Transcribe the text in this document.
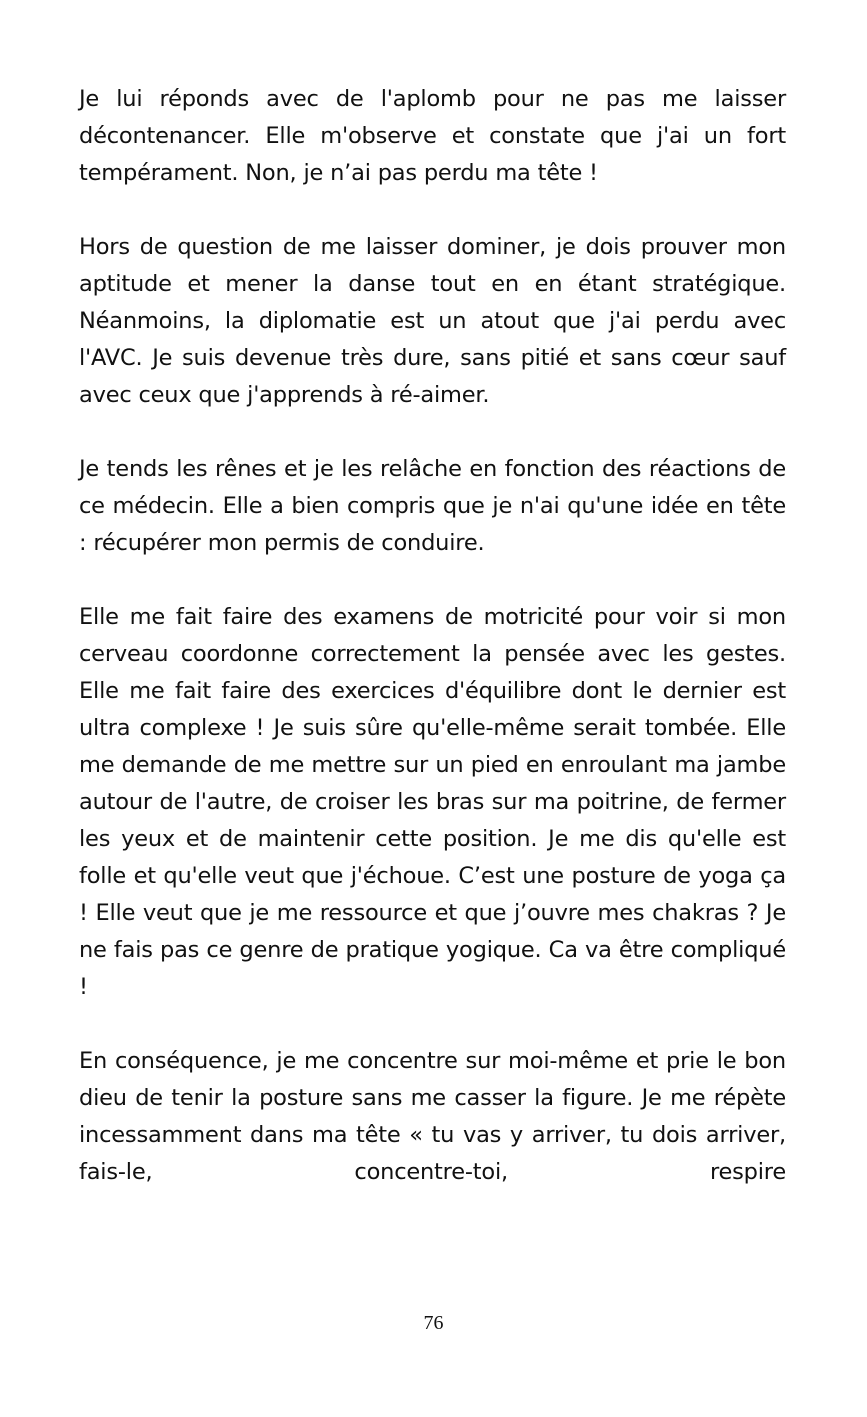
Je lui réponds avec de l'aplomb pour ne pas me laisser décontenancer. Elle m'observe et constate que j'ai un fort tempérament. Non, je n’ai pas perdu ma tête !

Hors de question de me laisser dominer, je dois prouver mon aptitude et mener la danse tout en en étant stratégique. Néanmoins, la diplomatie est un atout que j'ai perdu avec l'AVC. Je suis devenue très dure, sans pitié et sans cœur sauf avec ceux que j'apprends à ré-aimer.

Je tends les rênes et je les relâche en fonction des réactions de ce médecin. Elle a bien compris que je n'ai qu'une idée en tête : récupérer mon permis de conduire.

Elle me fait faire des examens de motricité pour voir si mon cerveau coordonne correctement la pensée avec les gestes. Elle me fait faire des exercices d'équilibre dont le dernier est ultra complexe ! Je suis sûre qu'elle-même serait tombée. Elle me demande de me mettre sur un pied en enroulant ma jambe autour de l'autre, de croiser les bras sur ma poitrine, de fermer les yeux et de maintenir cette position. Je me dis qu'elle est folle et qu'elle veut que j'échoue. C’est une posture de yoga ça ! Elle veut que je me ressource et que j’ouvre mes chakras ? Je ne fais pas ce genre de pratique yogique. Ca va être compliqué !

En conséquence, je me concentre sur moi-même et prie le bon dieu de tenir la posture sans me casser la figure. Je me répète incessamment dans ma tête « tu vas y arriver, tu dois arriver, fais-le, concentre-toi, respire

76
